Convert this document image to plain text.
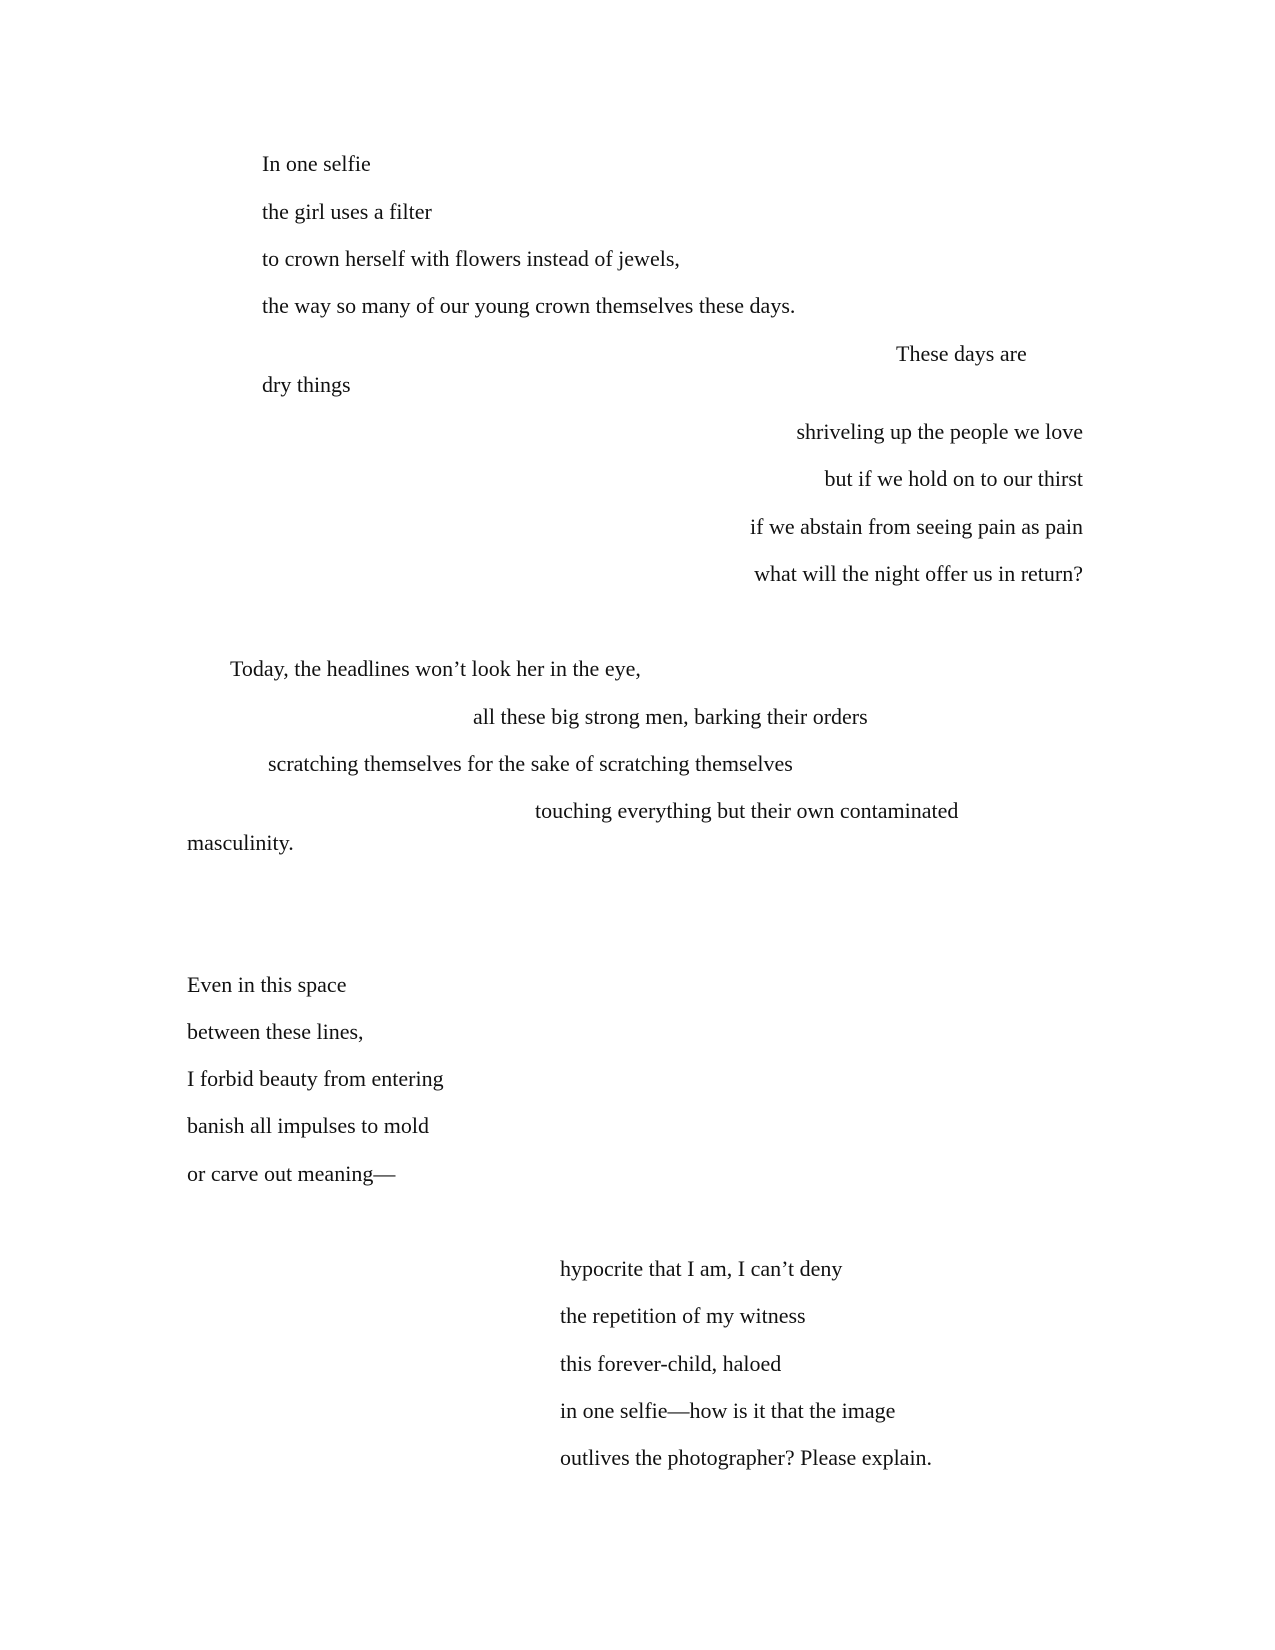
In one selfie
the girl uses a filter
to crown herself with flowers instead of jewels,
the way so many of our young crown themselves these days.
These days are
dry things
shriveling up the people we love
but if we hold on to our thirst
if we abstain from seeing pain as pain
what will the night offer us in return?
Today, the headlines won’t look her in the eye,
all these big strong men, barking their orders
scratching themselves for the sake of scratching themselves
touching everything but their own contaminated
masculinity.
Even in this space
between these lines,
I forbid beauty from entering
banish all impulses to mold
or carve out meaning—
hypocrite that I am, I can’t deny
the repetition of my witness
this forever-child, haloed
in one selfie—how is it that the image
outlives the photographer? Please explain.
